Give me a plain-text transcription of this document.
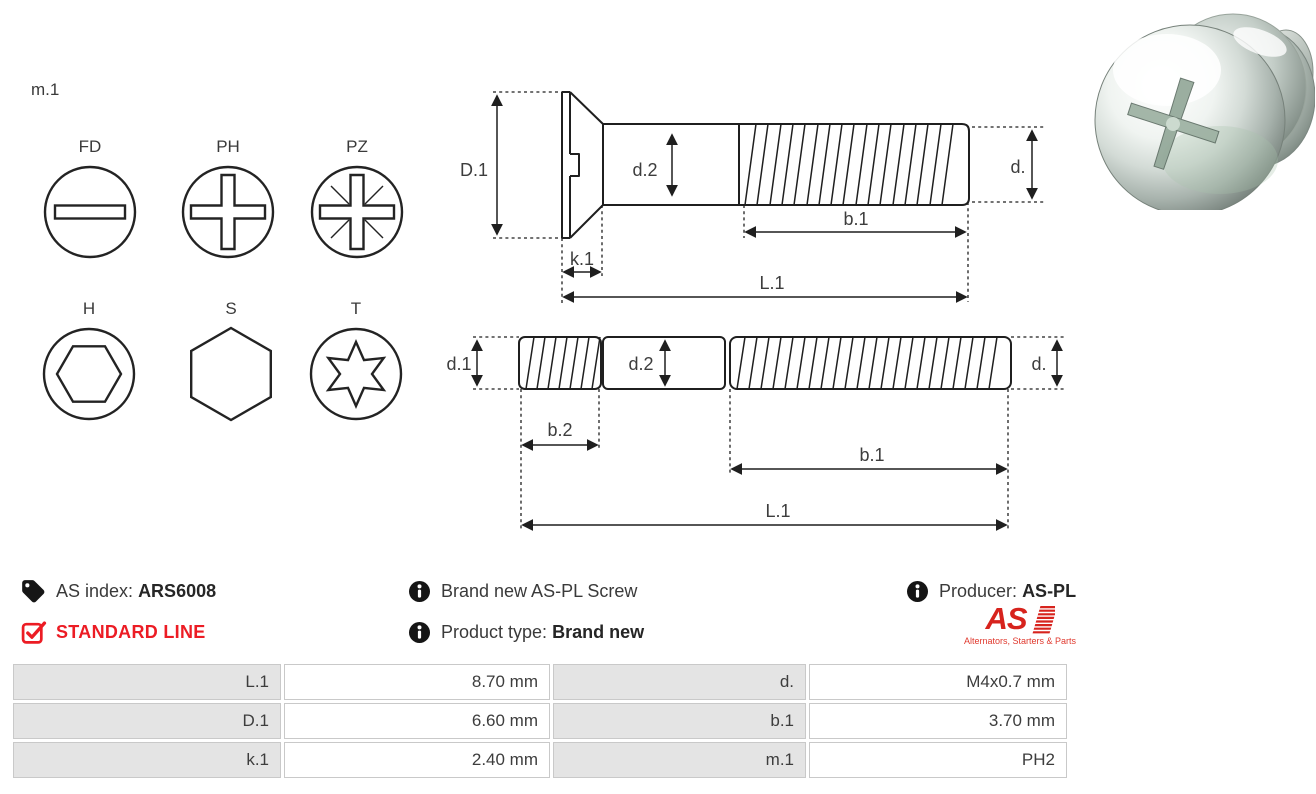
m.1
FD	PH	PZ
H	S	T
D.1	d.2	d.
b.1
k.1
L.1
d.1	d.2	d.
b.2
b.1
L.1
AS index: ARS6008
STANDARD LINE
Brand new AS-PL Screw
Product type: Brand new
Producer: AS-PL
AS
Alternators, Starters & Parts
L.1	8.70 mm	d.	M4x0.7 mm
D.1	6.60 mm	b.1	3.70 mm
k.1	2.40 mm	m.1	PH2
